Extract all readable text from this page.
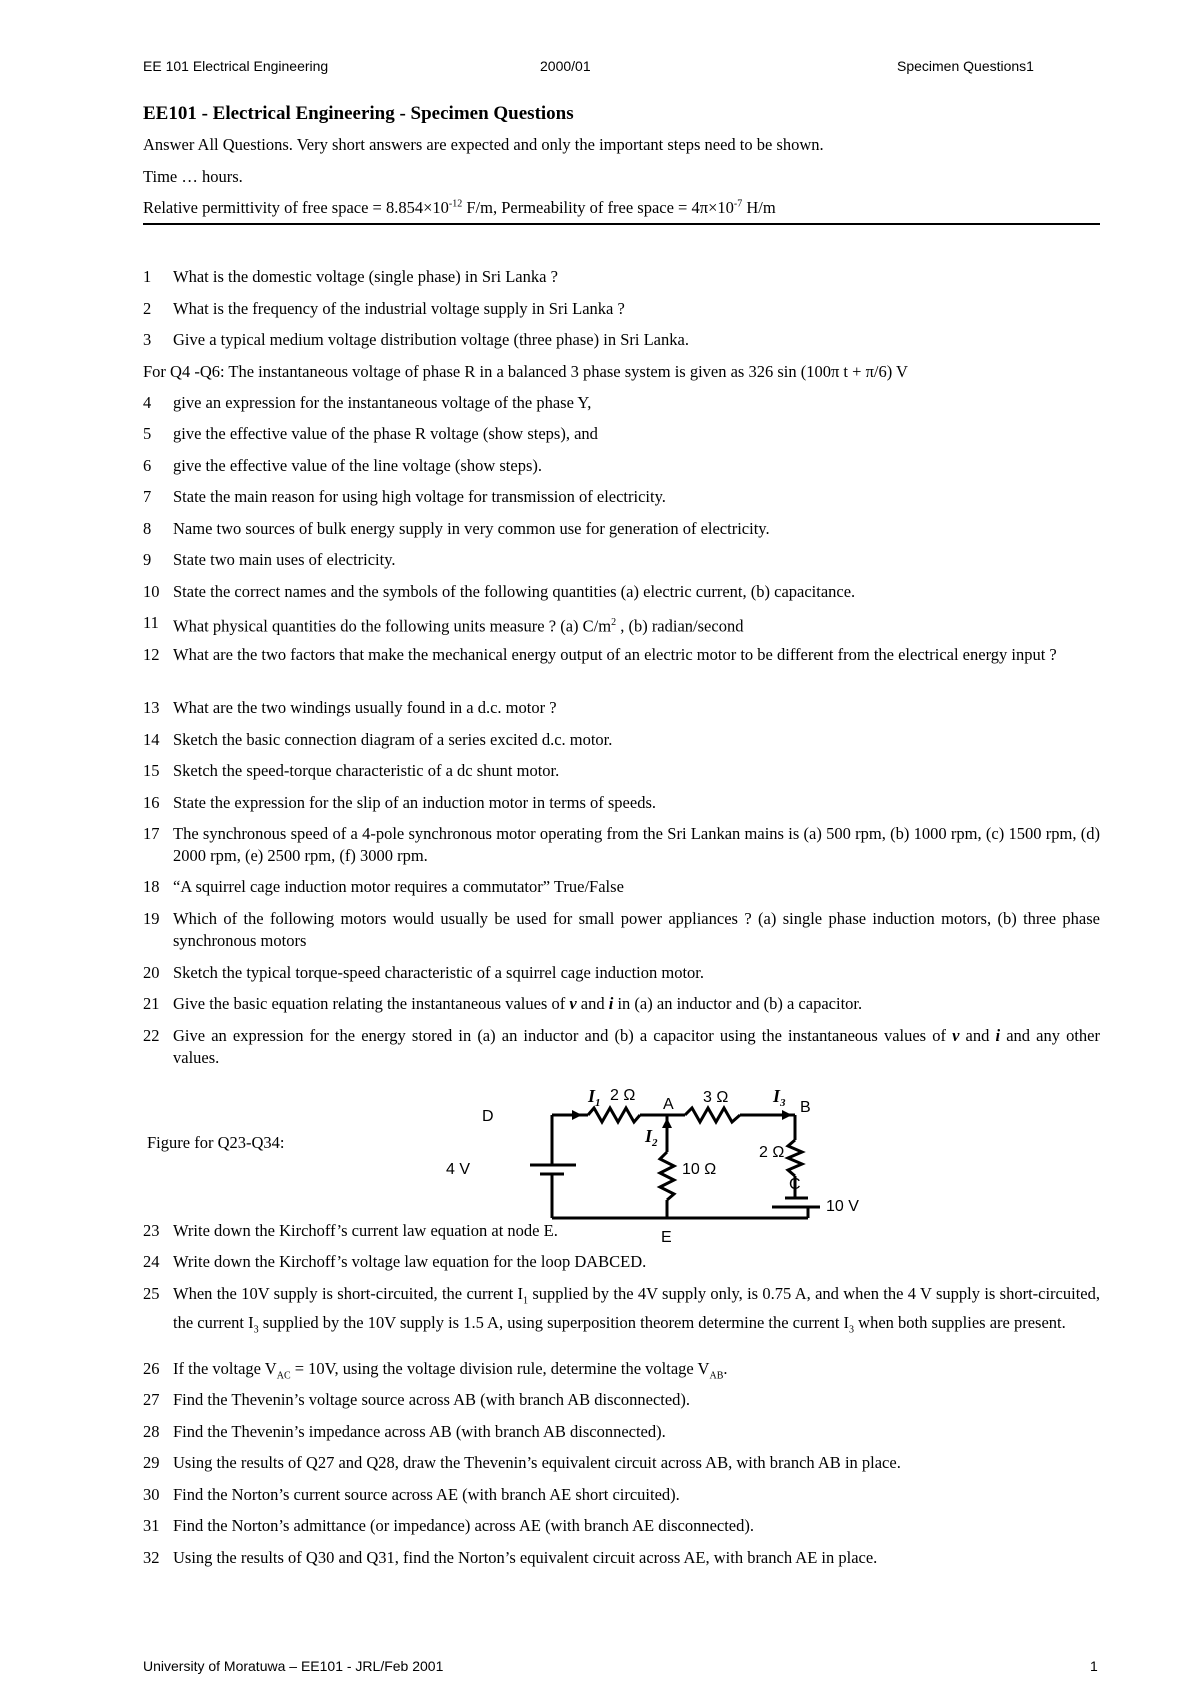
EE 101 Electrical Engineering	2000/01	Specimen Questions1
EE101 - Electrical Engineering - Specimen Questions
Answer All Questions. Very short answers are expected and only the important steps need to be shown.
Time … hours.
Relative permittivity of free space = $8.854\times 10^{-12}$ F/m, Permeability of free space = $4\pi\times 10^{-7}$ H/m
1 What is the domestic voltage (single phase) in Sri Lanka ?
2 What is the frequency of the industrial voltage supply in Sri Lanka ?
3 Give a typical medium voltage distribution voltage (three phase) in Sri Lanka.
For Q4 -Q6: The instantaneous voltage of phase R in a balanced 3 phase system is given as 326 sin (100π t + π/6) V
4 give an expression for the instantaneous voltage of the phase Y,
5 give the effective value of the phase R voltage (show steps), and
6 give the effective value of the line voltage (show steps).
7 State the main reason for using high voltage for transmission of electricity.
8 Name two sources of bulk energy supply in very common use for generation of electricity.
9 State two main uses of electricity.
10 State the correct names and the symbols of the following quantities (a) electric current, (b) capacitance.
11 What physical quantities do the following units measure ? (a) $C/m^2$ , (b) radian/second
12 What are the two factors that make the mechanical energy output of an electric motor to be different from the electrical energy input ?
13 What are the two windings usually found in a d.c. motor ?
14 Sketch the basic connection diagram of a series excited d.c. motor.
15 Sketch the speed-torque characteristic of a dc shunt motor.
16 State the expression for the slip of an induction motor in terms of speeds.
17 The synchronous speed of a 4-pole synchronous motor operating from the Sri Lankan mains is (a) 500 rpm, (b) 1000 rpm, (c) 1500 rpm, (d) 2000 rpm, (e) 2500 rpm, (f) 3000 rpm.
18 “A squirrel cage induction motor requires a commutator” True/False
19 Which of the following motors would usually be used for small power appliances ? (a) single phase induction motors, (b) three phase synchronous motors
20 Sketch the typical torque-speed characteristic of a squirrel cage induction motor.
21 Give the basic equation relating the instantaneous values of v and i in (a) an inductor and (b) a capacitor.
22 Give an expression for the energy stored in (a) an inductor and (b) a capacitor using the instantaneous values of v and i and any other values.
Figure for Q23-Q34:
D
2 Ω
A 3 Ω
B
10 Ω
2 Ω
C
4 V
10 V
E
$I_1$
$I_2$
$I_3$
23 Write down the Kirchoff’s current law equation at node E.
24 Write down the Kirchoff’s voltage law equation for the loop DABCED.
25 When the 10V supply is short-circuited, the current $I_1$ supplied by the 4V supply only, is 0.75 A, and when the 4 V supply is short-circuited, the current $I_3$ supplied by the 10V supply is 1.5 A, using superposition theorem determine the current $I_3$ when both supplies are present.
26 If the voltage $V_{AC} = 10V$, using the voltage division rule, determine the voltage $V_{AB}$.
27 Find the Thevenin’s voltage source across AB (with branch AB disconnected).
28 Find the Thevenin’s impedance across AB (with branch AB disconnected).
29 Using the results of Q27 and Q28, draw the Thevenin’s equivalent circuit across AB, with branch AB in place.
30 Find the Norton’s current source across AE (with branch AE short circuited).
31 Find the Norton’s admittance (or impedance) across AE (with branch AE disconnected).
32 Using the results of Q30 and Q31, find the Norton’s equivalent circuit across AE, with branch AE in place.
University of Moratuwa – EE101 - JRL/Feb 2001	1
